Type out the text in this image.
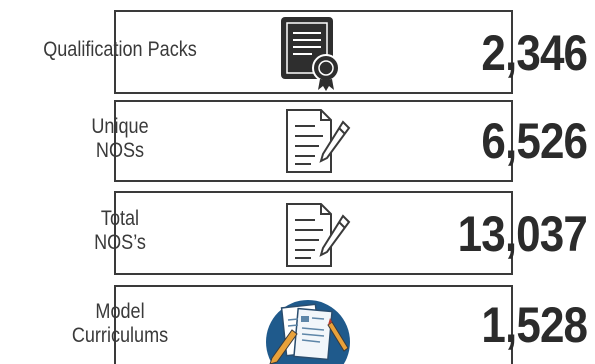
Qualification Packs	2,346
Unique
NOSs	6,526
Total
NOS’s	13,037
Model
Curriculums	1,528
